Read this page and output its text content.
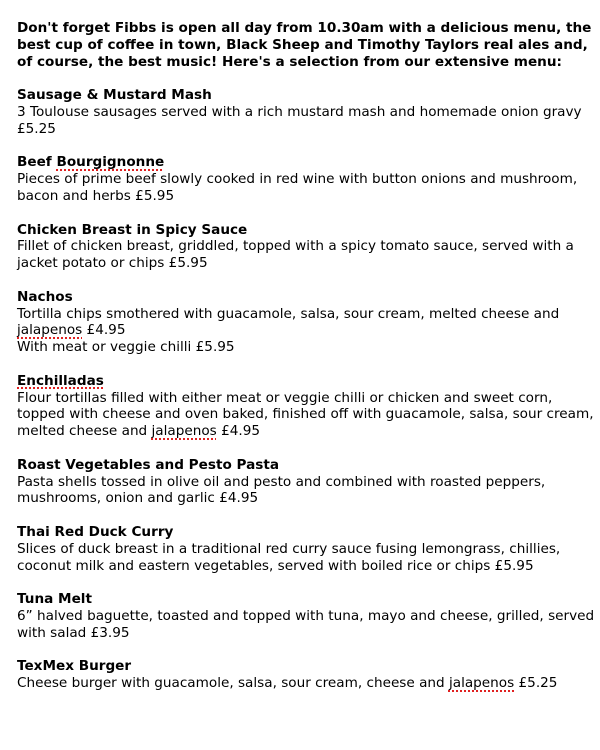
Don't forget Fibbs is open all day from 10.30am with a delicious menu, the
best cup of coffee in town, Black Sheep and Timothy Taylors real ales and,
of course, the best music! Here's a selection from our extensive menu:
Sausage & Mustard Mash
3 Toulouse sausages served with a rich mustard mash and homemade onion gravy
£5.25
Beef Bourgignonne
Pieces of prime beef slowly cooked in red wine with button onions and mushroom,
bacon and herbs £5.95
Chicken Breast in Spicy Sauce
Fillet of chicken breast, griddled, topped with a spicy tomato sauce, served with a
jacket potato or chips £5.95
Nachos
Tortilla chips smothered with guacamole, salsa, sour cream, melted cheese and
jalapenos £4.95
With meat or veggie chilli £5.95
Enchilladas
Flour tortillas filled with either meat or veggie chilli or chicken and sweet corn,
topped with cheese and oven baked, finished off with guacamole, salsa, sour cream,
melted cheese and jalapenos £4.95
Roast Vegetables and Pesto Pasta
Pasta shells tossed in olive oil and pesto and combined with roasted peppers,
mushrooms, onion and garlic £4.95
Thai Red Duck Curry
Slices of duck breast in a traditional red curry sauce fusing lemongrass, chillies,
coconut milk and eastern vegetables, served with boiled rice or chips £5.95
Tuna Melt
6” halved baguette, toasted and topped with tuna, mayo and cheese, grilled, served
with salad £3.95
TexMex Burger
Cheese burger with guacamole, salsa, sour cream, cheese and jalapenos £5.25
